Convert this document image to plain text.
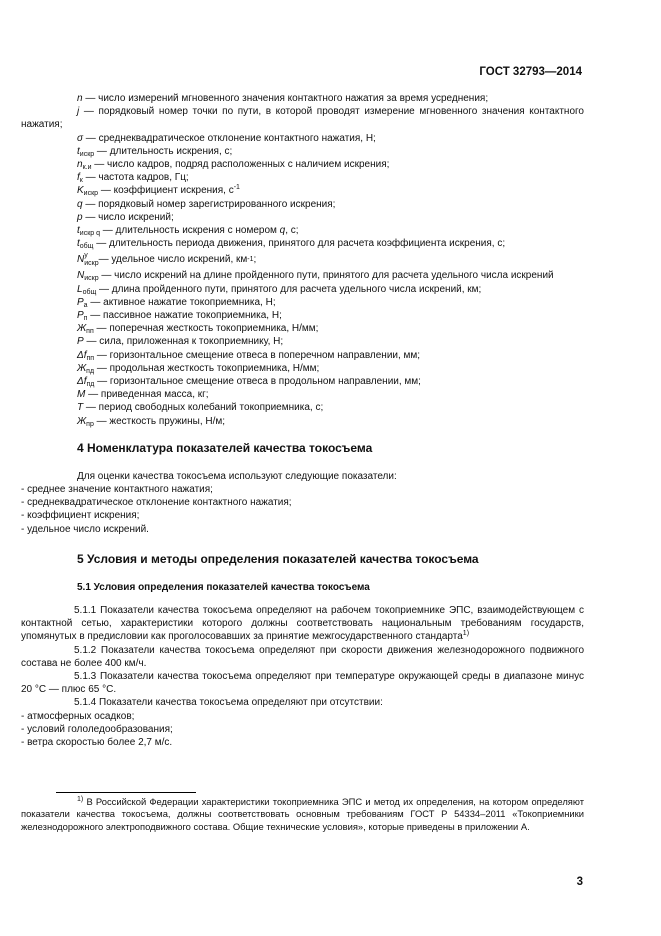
ГОСТ 32793—2014
n — число измерений мгновенного значения контактного нажатия за время усреднения;
j — порядковый номер точки по пути, в которой проводят измерение мгновенного значения контактного нажатия;
σ — среднеквадратическое отклонение контактного нажатия, Н;
$t_{искр}$ — длительность искрения, с;
$n_{к.и}$ — число кадров, подряд расположенных с наличием искрения;
$f_к$ — частота кадров, Гц;
$K_{искр}$ — коэффициент искрения, $с^{-1}$
q — порядковый номер зарегистрированного искрения;
p — число искрений;
$t_{искр q}$ — длительность искрения с номером q, с;
$t_{общ}$ — длительность периода движения, принятого для расчета коэффициента искрения, с;
N у
искр — удельное число искрений, км -1 ;
$N_{искр}$ — число искрений на длине пройденного пути, принятого для расчета удельного числа искрений
$L_{общ}$ — длина пройденного пути, принятого для расчета удельного числа искрений, км;
$P_а$ — активное нажатие токоприемника, Н;
$P_п$ — пассивное нажатие токоприемника, Н;
$Ж_{пп}$ — поперечная жесткость токоприемника, Н/мм;
P — сила, приложенная к токоприемнику, Н;
$\Delta f_{пп}$ — горизонтальное смещение отвеса в поперечном направлении, мм;
$Ж_{пд}$ — продольная жесткость токоприемника, Н/мм;
$\Delta f_{пд}$ — горизонтальное смещение отвеса в продольном направлении, мм;
M — приведенная масса, кг;
T — период свободных колебаний токоприемника, с;
$Ж_{пр}$ — жесткость пружины, Н/м;
4 Номенклатура показателей качества токосъема
Для оценки качества токосъема используют следующие показатели:
- среднее значение контактного нажатия;
- среднеквадратическое отклонение контактного нажатия;
- коэффициент искрения;
- удельное число искрений.
5 Условия и методы определения показателей качества токосъема
5.1 Условия определения показателей качества токосъема
5.1.1 Показатели качества токосъема определяют на рабочем токоприемнике ЭПС, взаимодействующем с контактной сетью, характеристики которого должны соответствовать национальным требованиям государств, упомянутых в предисловии как проголосовавших за принятие межгосударственного стандарта$^{1)}$
5.1.2 Показатели качества токосъема определяют при скорости движения железнодорожного подвижного состава не более 400 км/ч.
5.1.3 Показатели качества токосъема определяют при температуре окружающей среды в диапазоне минус 20 °С — плюс 65 °С.
5.1.4 Показатели качества токосъема определяют при отсутствии:
- атмосферных осадков;
- условий гололедообразования;
- ветра скоростью более 2,7 м/с.
$^{1)}$ В Российской Федерации характеристики токоприемника ЭПС и метод их определения, на котором определяют показатели качества токосъема, должны соответствовать основным требованиям ГОСТ Р 54334–2011 «Токоприемники железнодорожного электроподвижного состава. Общие технические условия», которые приведены в приложении А.
3
